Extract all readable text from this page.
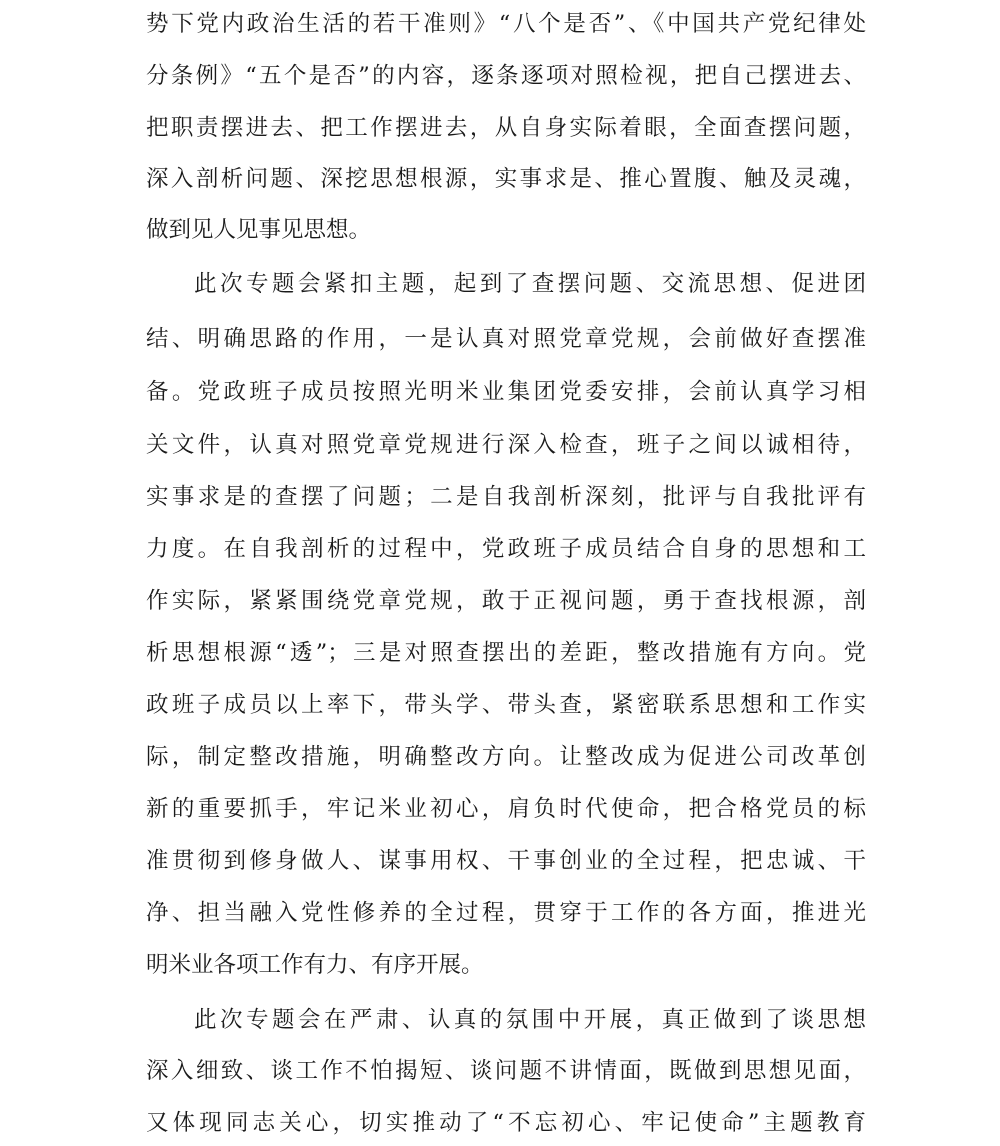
势下党内政治生活的若干准则》“八个是否”、《中国共产党纪律处
分条例》“五个是否”的内容，逐条逐项对照检视，把自己摆进去、
把职责摆进去、把工作摆进去，从自身实际着眼，全面查摆问题，
深入剖析问题、深挖思想根源，实事求是、推心置腹、触及灵魂，
做到见人见事见思想。
此次专题会紧扣主题，起到了查摆问题、交流思想、促进团
结、明确思路的作用，一是认真对照党章党规，会前做好查摆准
备。党政班子成员按照光明米业集团党委安排，会前认真学习相
关文件，认真对照党章党规进行深入检查，班子之间以诚相待，
实事求是的查摆了问题；二是自我剖析深刻，批评与自我批评有
力度。在自我剖析的过程中，党政班子成员结合自身的思想和工
作实际，紧紧围绕党章党规，敢于正视问题，勇于查找根源，剖
析思想根源“透”；三是对照查摆出的差距，整改措施有方向。党
政班子成员以上率下，带头学、带头查，紧密联系思想和工作实
际，制定整改措施，明确整改方向。让整改成为促进公司改革创
新的重要抓手，牢记米业初心，肩负时代使命，把合格党员的标
准贯彻到修身做人、谋事用权、干事创业的全过程，把忠诚、干
净、担当融入党性修养的全过程，贯穿于工作的各方面，推进光
明米业各项工作有力、有序开展。
此次专题会在严肃、认真的氛围中开展，真正做到了谈思想
深入细致、谈工作不怕揭短、谈问题不讲情面，既做到思想见面，
又体现同志关心，切实推动了“不忘初心、牢记使命”主题教育
